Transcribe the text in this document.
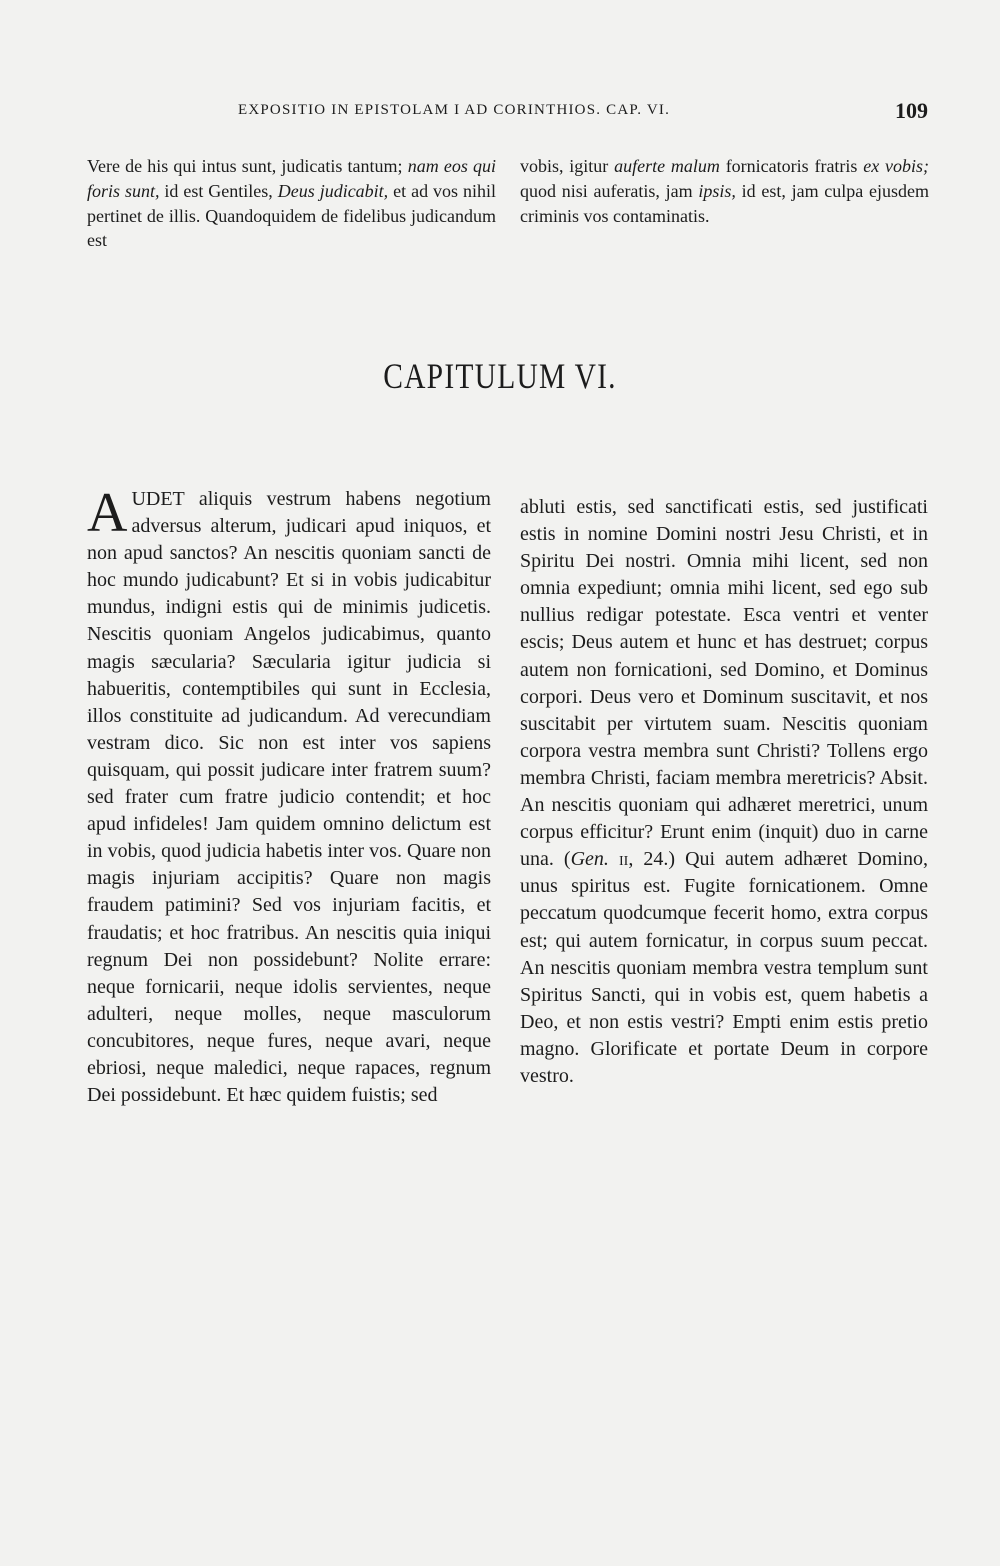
EXPOSITIO IN EPISTOLAM I AD CORINTHIOS. CAP. VI.	109

Vere de his qui intus sunt, judicatis tantum; nam eos qui foris sunt, id est Gentiles, Deus judicabit, et ad vos nihil pertinet de illis. Quandoquidem de fidelibus judicandum est

vobis, igitur auferte malum fornicatoris fratris ex vobis; quod nisi auferatis, jam ipsis, id est, jam culpa ejusdem criminis vos contaminatis.

CAPITULUM VI.

AUDET aliquis vestrum habens negotium adversus alterum, judicari apud iniquos, et non apud sanctos? An nescitis quoniam sancti de hoc mundo judicabunt? Et si in vobis judicabitur mundus, indigni estis qui de minimis judicetis. Nescitis quoniam Angelos judicabimus, quanto magis sæcularia? Sæcularia igitur judicia si habueritis, contemptibiles qui sunt in Ecclesia, illos constituite ad judicandum. Ad verecundiam vestram dico. Sic non est inter vos sapiens quisquam, qui possit judicare inter fratrem suum? sed frater cum fratre judicio contendit; et hoc apud infideles! Jam quidem omnino delictum est in vobis, quod judicia habetis inter vos. Quare non magis injuriam accipitis? Quare non magis fraudem patimini? Sed vos injuriam facitis, et fraudatis; et hoc fratribus. An nescitis quia iniqui regnum Dei non possidebunt? Nolite errare: neque fornicarii, neque idolis servientes, neque adulteri, neque molles, neque masculorum concubitores, neque fures, neque avari, neque ebriosi, neque maledici, neque rapaces, regnum Dei possidebunt. Et hæc quidem fuistis; sed

abluti estis, sed sanctificati estis, sed justificati estis in nomine Domini nostri Jesu Christi, et in Spiritu Dei nostri. Omnia mihi licent, sed non omnia expediunt; omnia mihi licent, sed ego sub nullius redigar potestate. Esca ventri et venter escis; Deus autem et hunc et has destruet; corpus autem non fornicationi, sed Domino, et Dominus corpori. Deus vero et Dominum suscitavit, et nos suscitabit per virtutem suam. Nescitis quoniam corpora vestra membra sunt Christi? Tollens ergo membra Christi, faciam membra meretricis? Absit. An nescitis quoniam qui adhæret meretrici, unum corpus efficitur? Erunt enim (inquit) duo in carne una. (Gen. ii, 24.) Qui autem adhæret Domino, unus spiritus est. Fugite fornicationem. Omne peccatum quodcumque fecerit homo, extra corpus est; qui autem fornicatur, in corpus suum peccat. An nescitis quoniam membra vestra templum sunt Spiritus Sancti, qui in vobis est, quem habetis a Deo, et non estis vestri? Empti enim estis pretio magno. Glorificate et portate Deum in corpore vestro.
